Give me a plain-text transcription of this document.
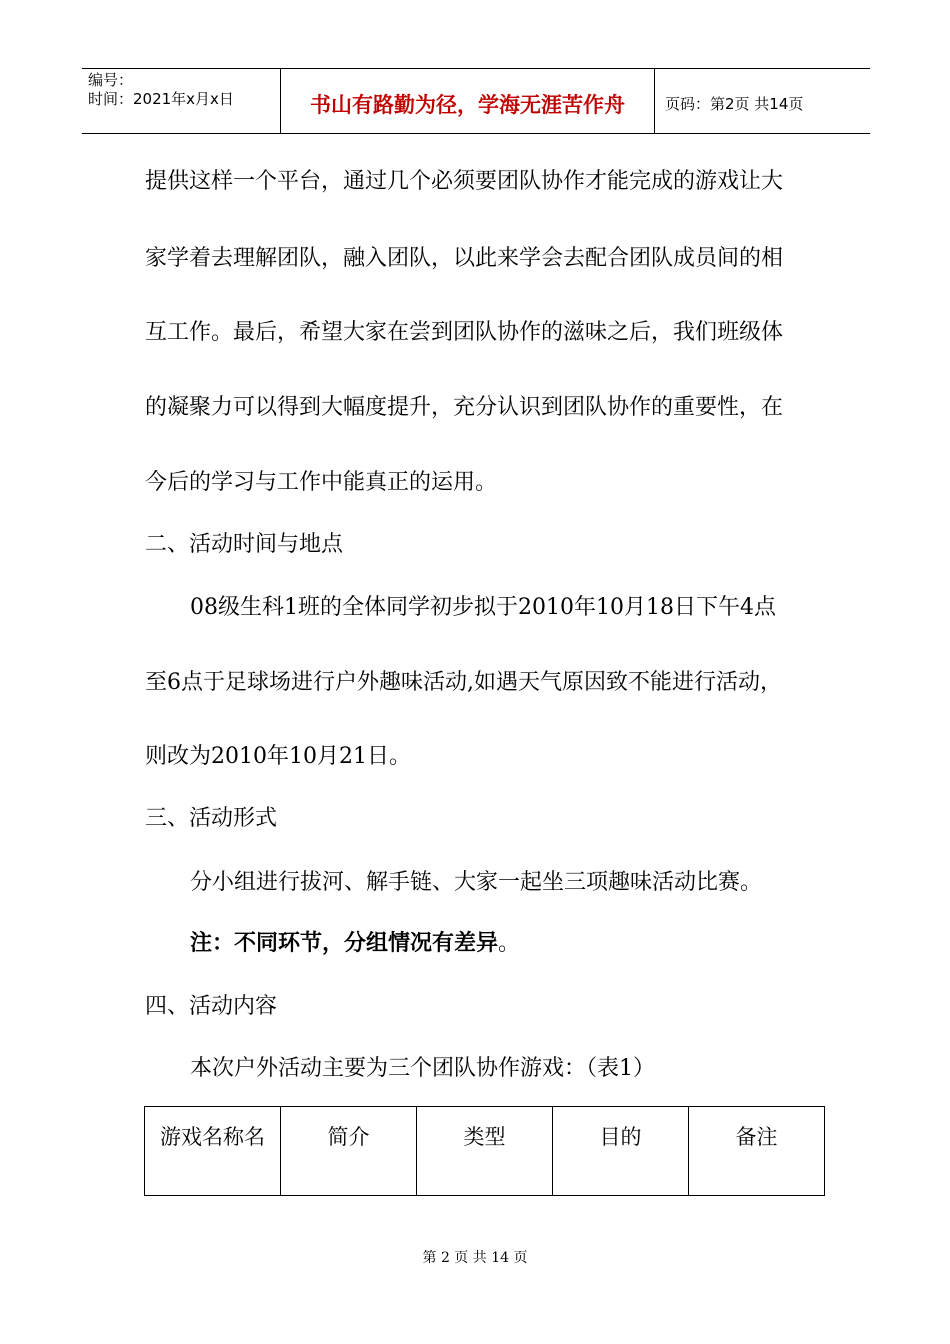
编号：
时间：2021年x月x日	书山有路勤为径，学海无涯苦作舟	页码：第2页 共14页
提供这样一个平台，通过几个必须要团队协作才能完成的游戏让大
家学着去理解团队，融入团队，以此来学会去配合团队成员间的相
互工作。最后，希望大家在尝到团队协作的滋味之后，我们班级体
的凝聚力可以得到大幅度提升，充分认识到团队协作的重要性，在
今后的学习与工作中能真正的运用。
二、活动时间与地点
08级生科1班的全体同学初步拟于2010年10月18日下午4点
至6点于足球场进行户外趣味活动,如遇天气原因致不能进行活动，
则改为2010年10月21日。
三、活动形式
分小组进行拔河、解手链、大家一起坐三项趣味活动比赛。
注：不同环节，分组情况有差异。
四、活动内容
本次户外活动主要为三个团队协作游戏：（表1）
游戏名称名	简介	类型	目的	备注
第 2 页 共 14 页
